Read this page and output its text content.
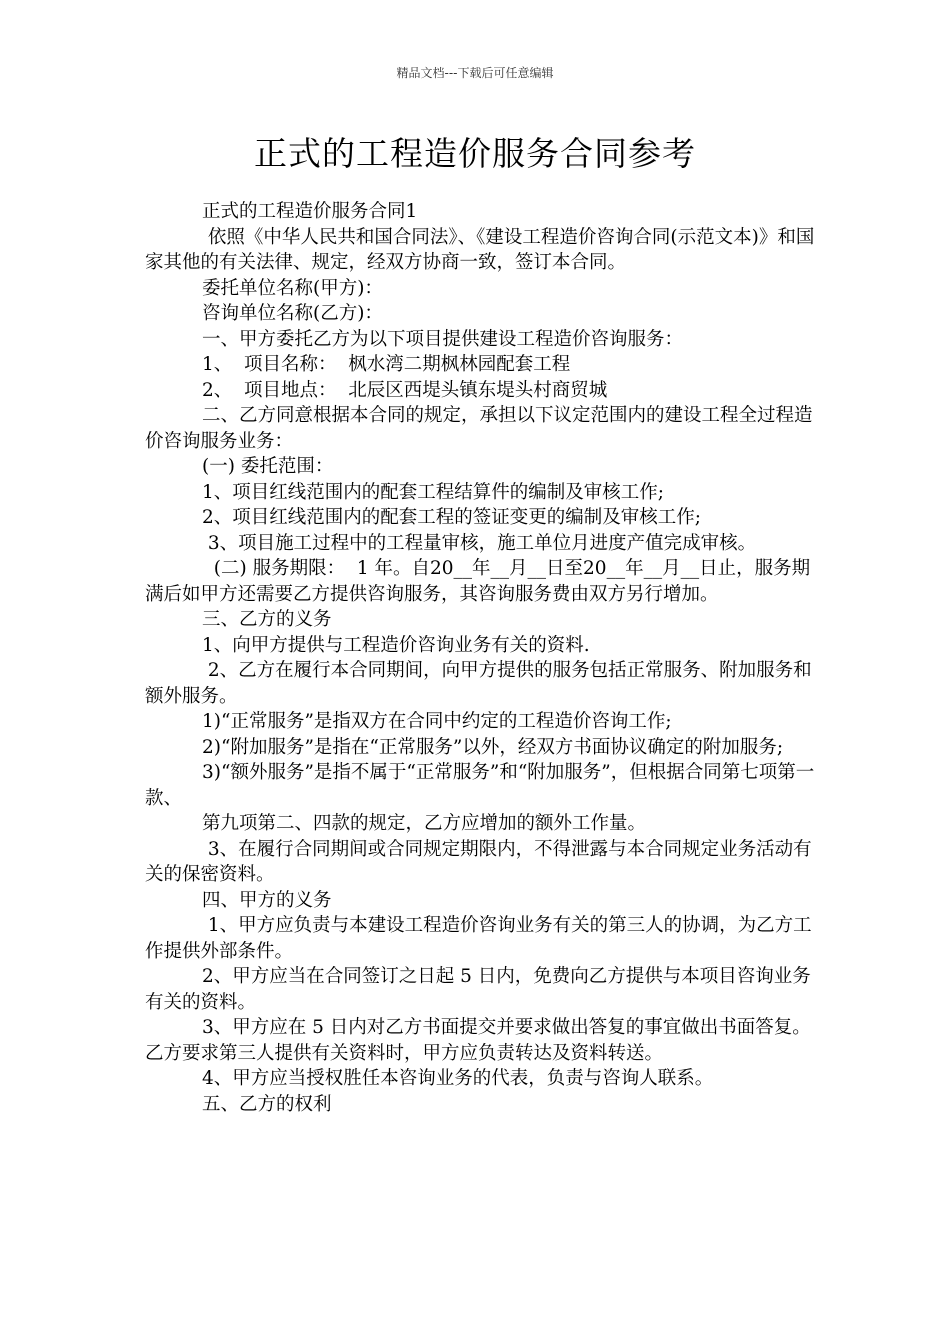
精品文档---下载后可任意编辑
正式的工程造价服务合同参考

正式的工程造价服务合同1

依照《中华人民共和国合同法》、《建设工程造价咨询合同(示范文本)》和国家其他的有关法律、规定，经双方协商一致，签订本合同。

委托单位名称(甲方)：

咨询单位名称(乙方)：

一、甲方委托乙方为以下项目提供建设工程造价咨询服务：

1、  项目名称：  枫水湾二期枫林园配套工程

2、  项目地点：  北辰区西堤头镇东堤头村商贸城

二、乙方同意根据本合同的规定，承担以下议定范围内的建设工程全过程造价咨询服务业务：

(一) 委托范围：

1、项目红线范围内的配套工程结算件的编制及审核工作;

2、项目红线范围内的配套工程的签证变更的编制及审核工作;

3、项目施工过程中的工程量审核，施工单位月进度产值完成审核。

(二) 服务期限：  1 年。自20__年__月__日至20__年__月__日止，服务期满后如甲方还需要乙方提供咨询服务，其咨询服务费由双方另行增加。

三、乙方的义务

1、向甲方提供与工程造价咨询业务有关的资料.

2、乙方在履行本合同期间，向甲方提供的服务包括正常服务、附加服务和额外服务。

1)“正常服务”是指双方在合同中约定的工程造价咨询工作;

2)“附加服务”是指在“正常服务”以外，经双方书面协议确定的附加服务;

3)“额外服务”是指不属于“正常服务”和“附加服务”，但根据合同第七项第一款、

第九项第二、四款的规定，乙方应增加的额外工作量。

3、在履行合同期间或合同规定期限内，不得泄露与本合同规定业务活动有关的保密资料。

四、甲方的义务

1、甲方应负责与本建设工程造价咨询业务有关的第三人的协调，为乙方工作提供外部条件。

2、甲方应当在合同签订之日起 5 日内，免费向乙方提供与本项目咨询业务有关的资料。

3、甲方应在 5 日内对乙方书面提交并要求做出答复的事宜做出书面答复。乙方要求第三人提供有关资料时，甲方应负责转达及资料转送。

4、甲方应当授权胜任本咨询业务的代表，负责与咨询人联系。

五、乙方的权利
